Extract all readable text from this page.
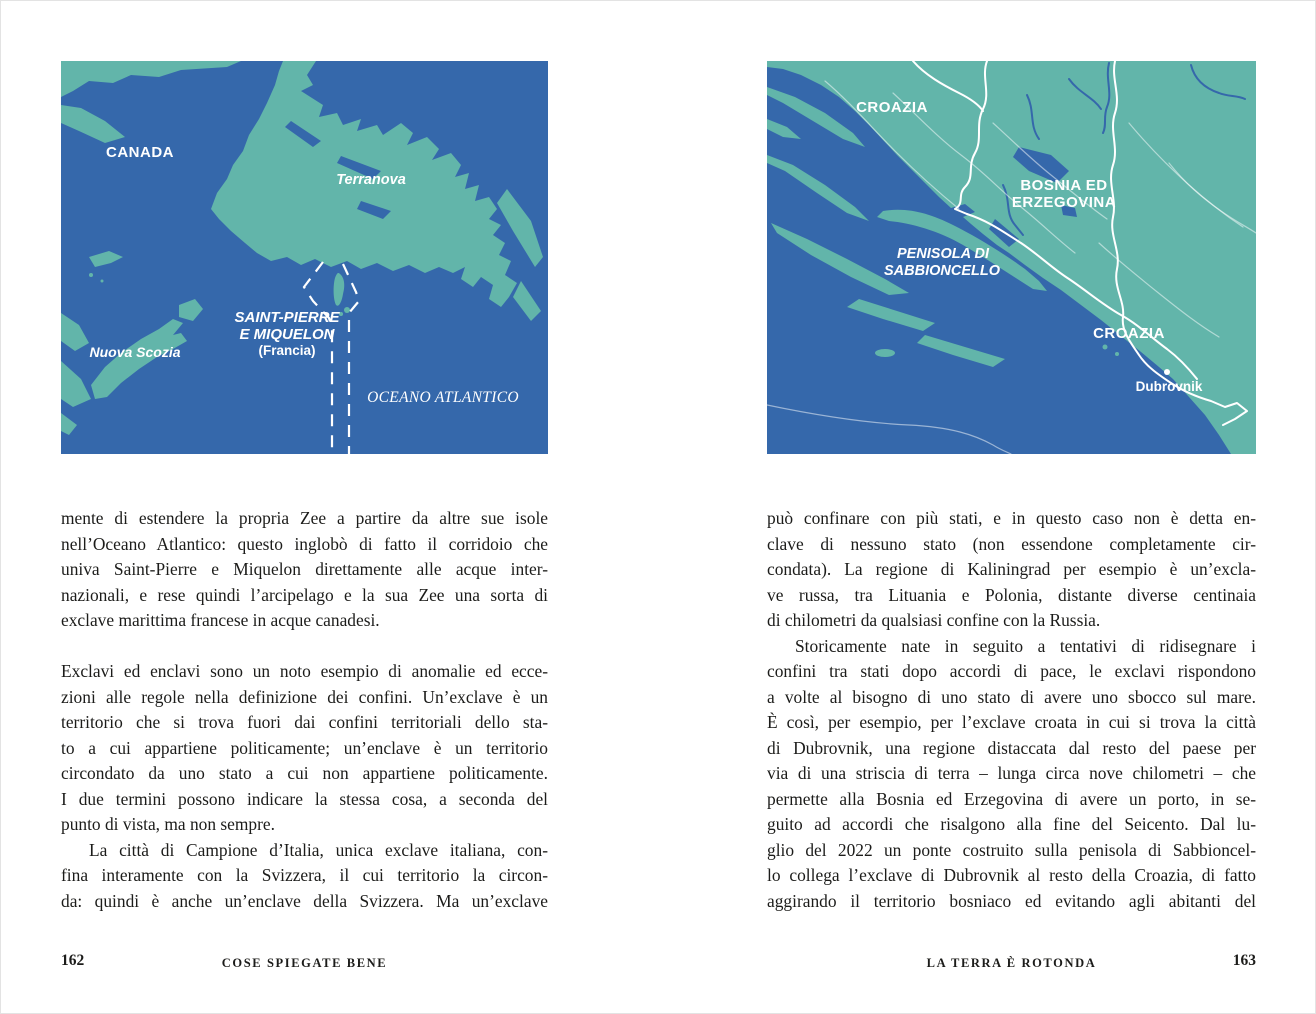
CANADA
Terranova
SAINT-PIERRE
E MIQUELON
(Francia)
Nuova Scozia
OCEANO ATLANTICO
CROAZIA
BOSNIA ED
ERZEGOVINA
PENISOLA DI
SABBIONCELLO
CROAZIA
Dubrovnik
mente di estendere la propria Zee a partire da altre sue isole
nell’Oceano Atlantico: questo inglobò di fatto il corridoio che
univa Saint-Pierre e Miquelon direttamente alle acque inter-
nazionali, e rese quindi l’arcipelago e la sua Zee una sorta di
exclave marittima francese in acque canadesi.
Exclavi ed enclavi sono un noto esempio di anomalie ed ecce-
zioni alle regole nella definizione dei confini. Un’exclave è un
territorio che si trova fuori dai confini territoriali dello sta-
to a cui appartiene politicamente; un’enclave è un territorio
circondato da uno stato a cui non appartiene politicamente.
I due termini possono indicare la stessa cosa, a seconda del
punto di vista, ma non sempre.
La città di Campione d’Italia, unica exclave italiana, con-
fina interamente con la Svizzera, il cui territorio la circon-
da: quindi è anche un’enclave della Svizzera. Ma un’exclave
può confinare con più stati, e in questo caso non è detta en-
clave di nessuno stato (non essendone completamente cir-
condata). La regione di Kaliningrad per esempio è un’excla-
ve russa, tra Lituania e Polonia, distante diverse centinaia
di chilometri da qualsiasi confine con la Russia.
Storicamente nate in seguito a tentativi di ridisegnare i
confini tra stati dopo accordi di pace, le exclavi rispondono
a volte al bisogno di uno stato di avere uno sbocco sul mare.
È così, per esempio, per l’exclave croata in cui si trova la città
di Dubrovnik, una regione distaccata dal resto del paese per
via di una striscia di terra – lunga circa nove chilometri – che
permette alla Bosnia ed Erzegovina di avere un porto, in se-
guito ad accordi che risalgono alla fine del Seicento. Dal lu-
glio del 2022 un ponte costruito sulla penisola di Sabbioncel-
lo collega l’exclave di Dubrovnik al resto della Croazia, di fatto
aggirando il territorio bosniaco ed evitando agli abitanti del
162	COSE SPIEGATE BENE	LA TERRA È ROTONDA	163
